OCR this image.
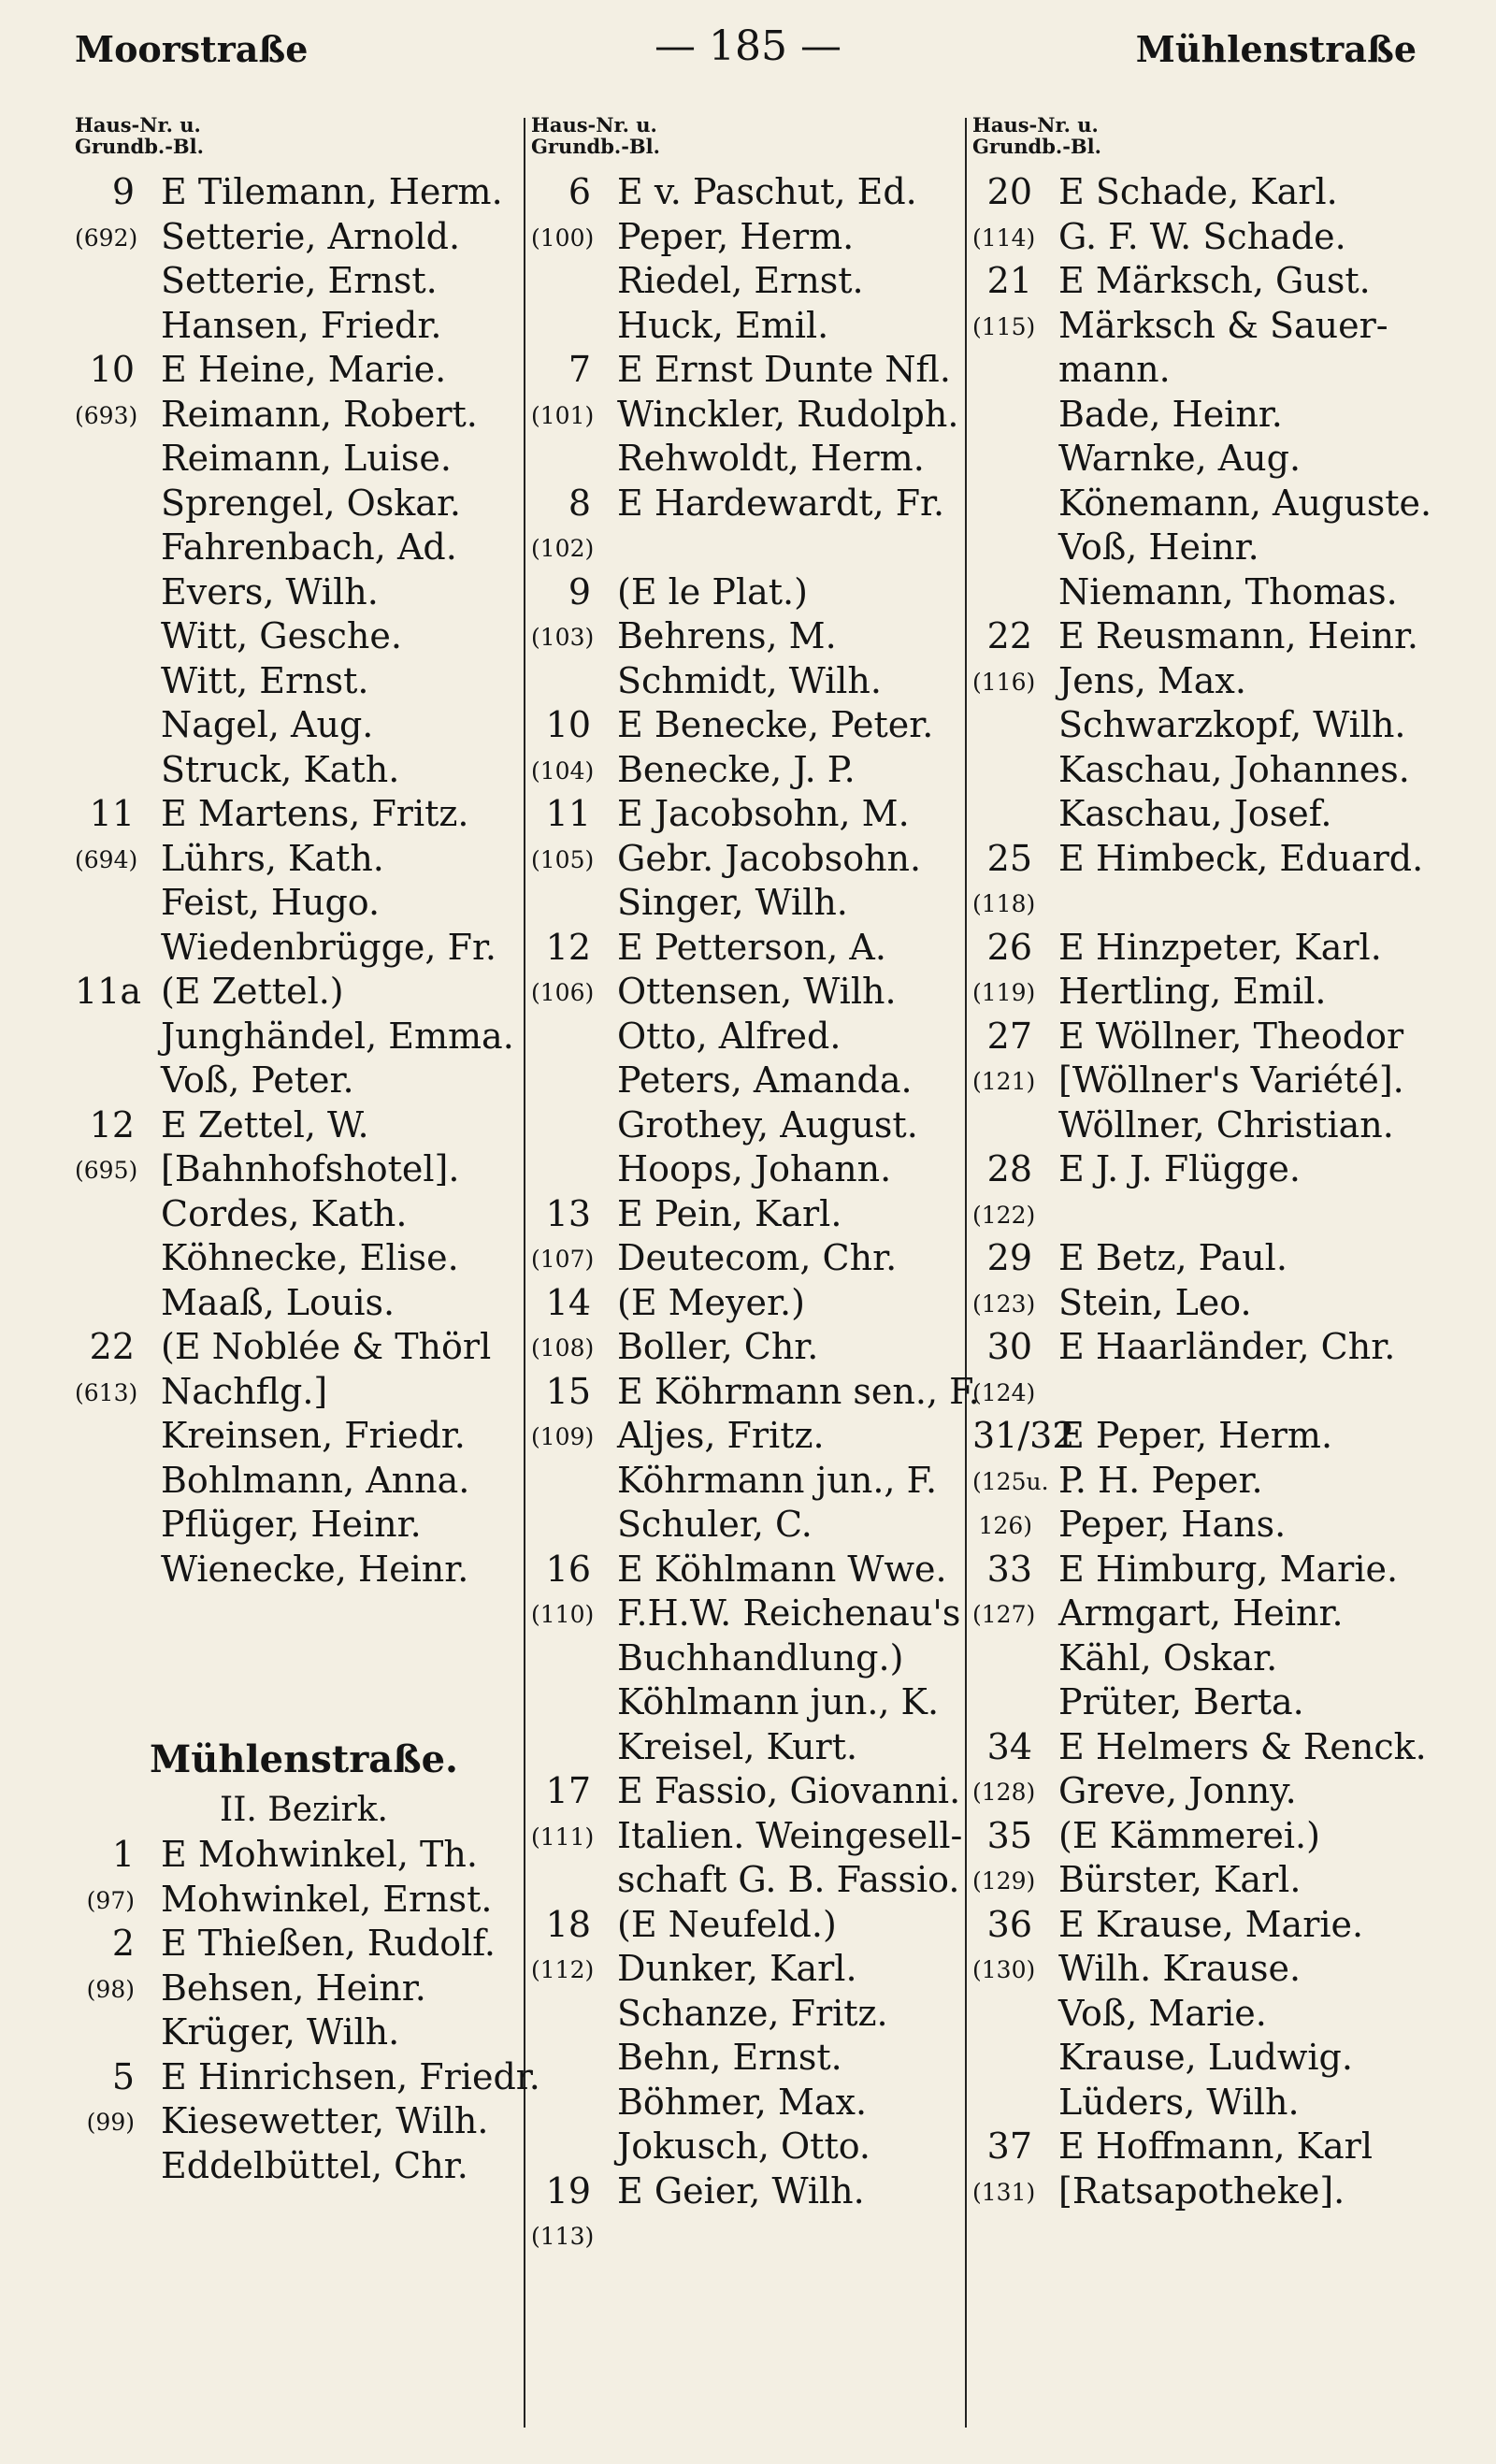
Moorstraße	— 185 —	Mühlenstraße
Haus-Nr. u.
Grundb.-Bl.
9 E Tilemann, Herm.
(692) Setterie, Arnold.
Setterie, Ernst.
Hansen, Friedr.
10 E Heine, Marie.
(693) Reimann, Robert.
Reimann, Luise.
Sprengel, Oskar.
Fahrenbach, Ad.
Evers, Wilh.
Witt, Gesche.
Witt, Ernst.
Nagel, Aug.
Struck, Kath.
11 E Martens, Fritz.
(694) Lührs, Kath.
Feist, Hugo.
Wiedenbrügge, Fr.
11a (E Zettel.)
Junghändel, Emma.
Voß, Peter.
12 E Zettel, W.
(695) [Bahnhofshotel].
Cordes, Kath.
Köhnecke, Elise.
Maaß, Louis.
22 (E Noblée & Thörl
(613) Nachflg.]
Kreinsen, Friedr.
Bohlmann, Anna.
Pflüger, Heinr.
Wienecke, Heinr.
Mühlenstraße.
II. Bezirk.
1 E Mohwinkel, Th.
(97) Mohwinkel, Ernst.
2 E Thießen, Rudolf.
(98) Behsen, Heinr.
Krüger, Wilh.
5 E Hinrichsen, Friedr.
(99) Kiesewetter, Wilh.
Eddelbüttel, Chr.
Haus-Nr. u.
Grundb.-Bl.
6 E v. Paschut, Ed.
(100) Peper, Herm.
Riedel, Ernst.
Huck, Emil.
7 E Ernst Dunte Nfl.
(101) Winckler, Rudolph.
Rehwoldt, Herm.
8 E Hardewardt, Fr.
(102)
9 (E le Plat.)
(103) Behrens, M.
Schmidt, Wilh.
10 E Benecke, Peter.
(104) Benecke, J. P.
11 E Jacobsohn, M.
(105) Gebr. Jacobsohn.
Singer, Wilh.
12 E Petterson, A.
(106) Ottensen, Wilh.
Otto, Alfred.
Peters, Amanda.
Grothey, August.
Hoops, Johann.
13 E Pein, Karl.
(107) Deutecom, Chr.
14 (E Meyer.)
(108) Boller, Chr.
15 E Köhrmann sen., F.
(109) Aljes, Fritz.
Köhrmann jun., F.
Schuler, C.
16 E Köhlmann Wwe.
(110) F.H.W. Reichenau's
Buchhandlung.)
Köhlmann jun., K.
Kreisel, Kurt.
17 E Fassio, Giovanni.
(111) Italien. Weingesell-
schaft G. B. Fassio.
18 (E Neufeld.)
(112) Dunker, Karl.
Schanze, Fritz.
Behn, Ernst.
Böhmer, Max.
Jokusch, Otto.
19 E Geier, Wilh.
(113)
Haus-Nr. u.
Grundb.-Bl.
20 E Schade, Karl.
(114) G. F. W. Schade.
21 E Märksch, Gust.
(115) Märksch & Sauer-
mann.
Bade, Heinr.
Warnke, Aug.
Könemann, Auguste.
Voß, Heinr.
Niemann, Thomas.
22 E Reusmann, Heinr.
(116) Jens, Max.
Schwarzkopf, Wilh.
Kaschau, Johannes.
Kaschau, Josef.
25 E Himbeck, Eduard.
(118)
26 E Hinzpeter, Karl.
(119) Hertling, Emil.
27 E Wöllner, Theodor
(121) [Wöllner's Variété].
Wöllner, Christian.
28 E J. J. Flügge.
(122)
29 E Betz, Paul.
(123) Stein, Leo.
30 E Haarländer, Chr.
(124)
31/32
E Peper, Herm.
(125u. P. H. Peper.
126) Peper, Hans.
33 E Himburg, Marie.
(127) Armgart, Heinr.
Kähl, Oskar.
Prüter, Berta.
34 E Helmers & Renck.
(128) Greve, Jonny.
35 (E Kämmerei.)
(129) Bürster, Karl.
36 E Krause, Marie.
(130) Wilh. Krause.
Voß, Marie.
Krause, Ludwig.
Lüders, Wilh.
37 E Hoffmann, Karl
(131) [Ratsapotheke].
